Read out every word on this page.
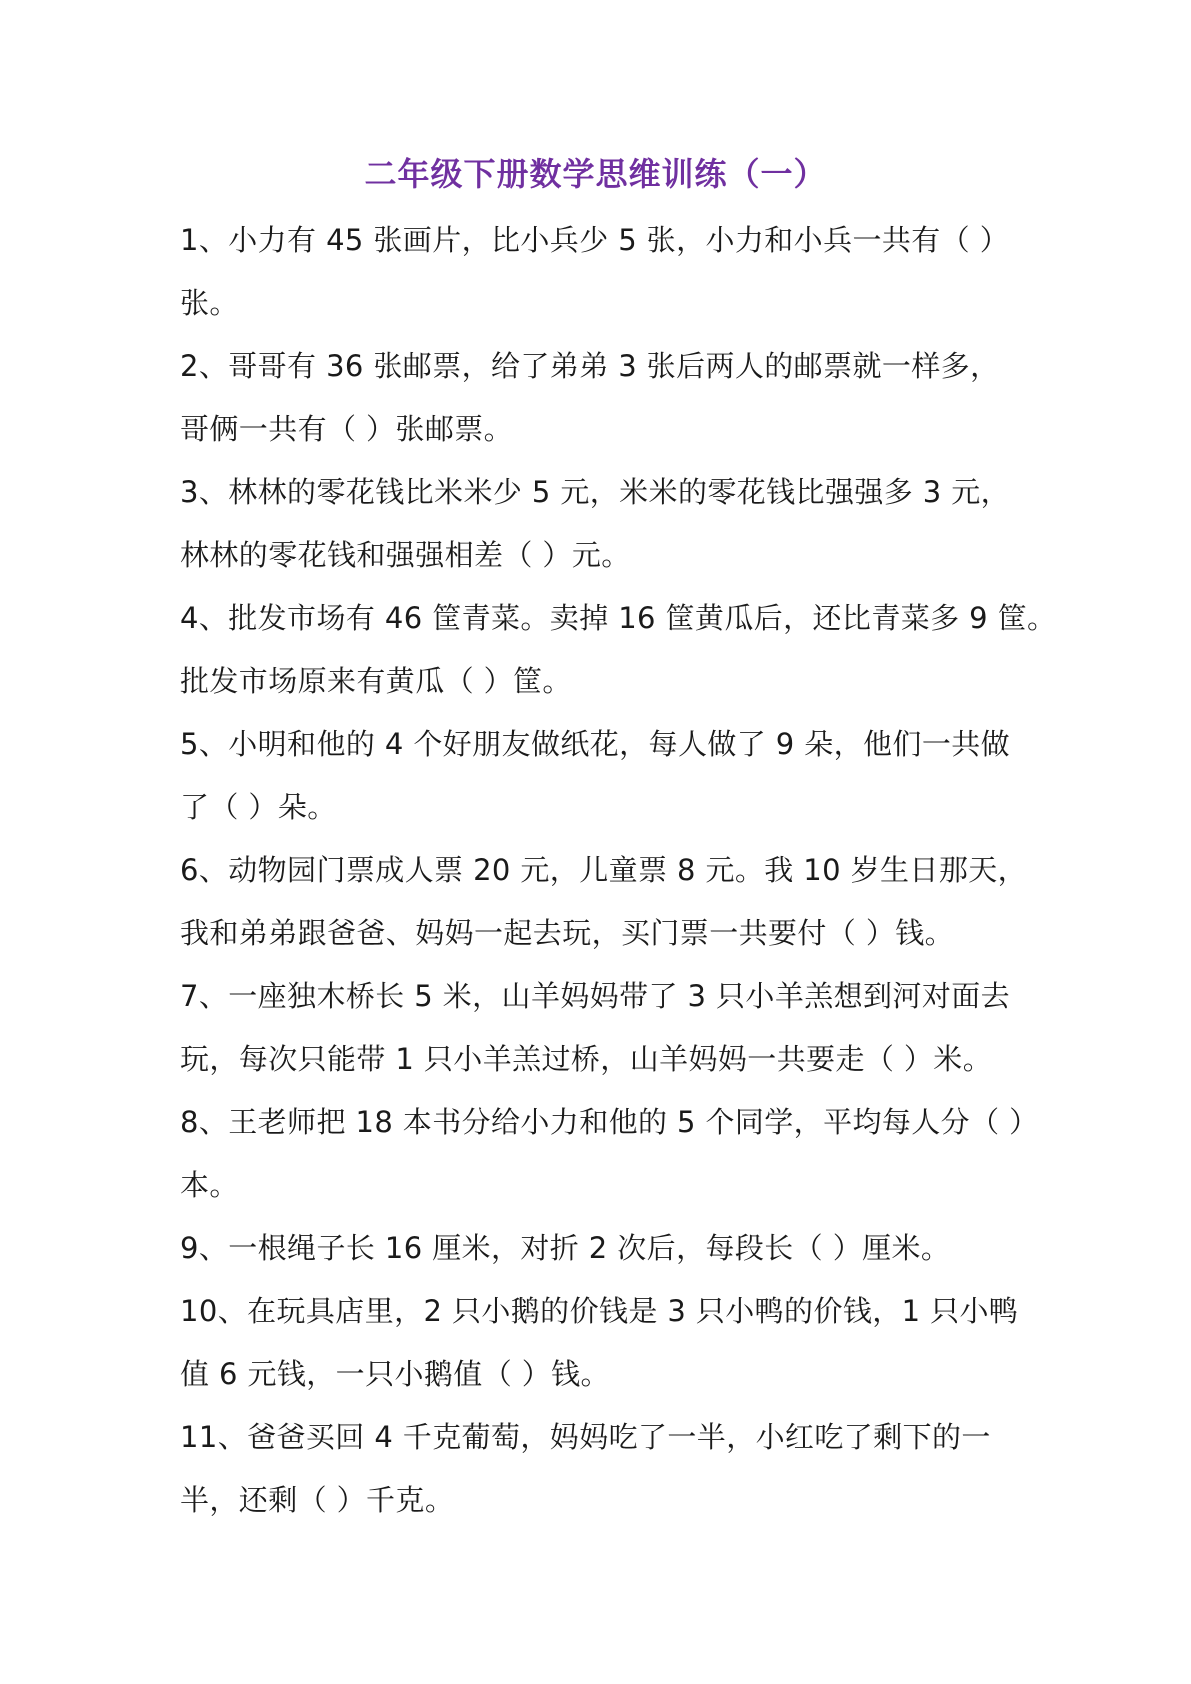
二年级下册数学思维训练（一）
1、小力有 45 张画片，比小兵少 5 张，小力和小兵一共有（ ）
张。
2、哥哥有 36 张邮票，给了弟弟 3 张后两人的邮票就一样多，
哥俩一共有（ ）张邮票。
3、林林的零花钱比米米少 5 元，米米的零花钱比强强多 3 元，
林林的零花钱和强强相差（ ）元。
4、批发市场有 46 筐青菜。卖掉 16 筐黄瓜后，还比青菜多 9 筐。
批发市场原来有黄瓜（ ）筐。
5、小明和他的 4 个好朋友做纸花，每人做了 9 朵，他们一共做
了（ ）朵。
6、动物园门票成人票 20 元，儿童票 8 元。我 10 岁生日那天，
我和弟弟跟爸爸、妈妈一起去玩，买门票一共要付（ ）钱。
7、一座独木桥长 5 米，山羊妈妈带了 3 只小羊羔想到河对面去
玩，每次只能带 1 只小羊羔过桥，山羊妈妈一共要走（ ）米。
8、王老师把 18 本书分给小力和他的 5 个同学，平均每人分（ ）
本。
9、一根绳子长 16 厘米，对折 2 次后，每段长（ ）厘米。
10、在玩具店里，2 只小鹅的价钱是 3 只小鸭的价钱，1 只小鸭
值 6 元钱，一只小鹅值（ ）钱。
11、爸爸买回 4 千克葡萄，妈妈吃了一半，小红吃了剩下的一
半，还剩（ ）千克。
